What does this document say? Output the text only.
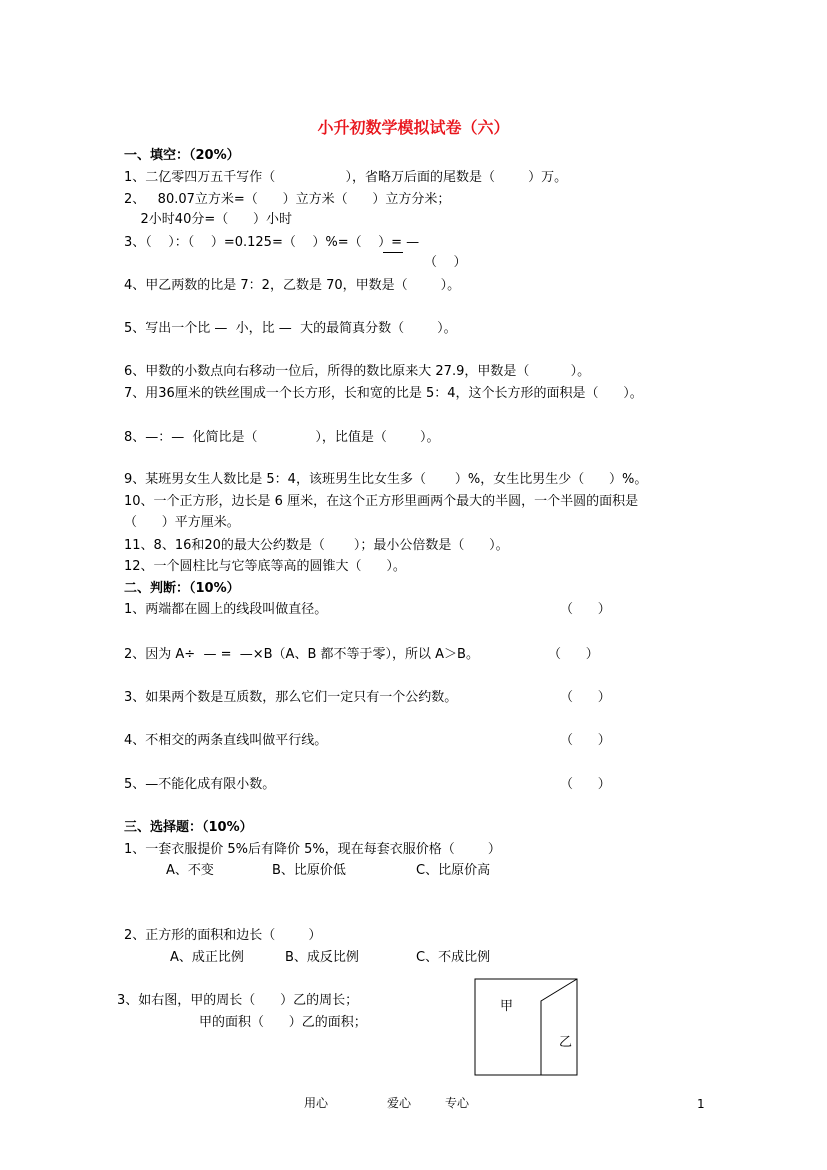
小升初数学模拟试卷（六）
一、填空：（20%）
1、二亿零四万五千写作（                 ），省略万后面的尾数是（        ）万。
2、   80.07立方米=（      ）立方米（      ）立方分米；
2小时40分=（      ）小时
3、（    ）：（    ）=0.125=（    ）%=（    ）= —
（    ）
4、甲乙两数的比是 7：2，乙数是 70，甲数是（        ）。
5、写出一个比 —  小，比 —  大的最简真分数（        ）。
6、甲数的小数点向右移动一位后，所得的数比原来大 27.9，甲数是（          ）。
7、用36厘米的铁丝围成一个长方形，长和宽的比是 5：4，这个长方形的面积是（      ）。
8、—：—  化简比是（              ），比值是（        ）。
9、某班男女生人数比是 5：4，该班男生比女生多（       ）%，女生比男生少（      ）%。
10、一个正方形，边长是 6 厘米，在这个正方形里画两个最大的半圆，一个半圆的面积是
（      ）平方厘米。
11、8、16和20的最大公约数是（       ）；最小公倍数是（      ）。
12、一个圆柱比与它等底等高的圆锥大（      ）。
二、判断：（10%）
1、两端都在圆上的线段叫做直径。	（      ）
2、因为 A÷  — =  —×B（A、B 都不等于零），所以 A＞B。	（      ）
3、如果两个数是互质数，那么它们一定只有一个公约数。	（      ）
4、不相交的两条直线叫做平行线。	（      ）
5、—不能化成有限小数。	（      ）
三、选择题：（10%）
1、一套衣服提价 5%后有降价 5%，现在每套衣服价格（        ）
A、不变	B、比原价低	C、比原价高
2、正方形的面积和边长（        ）
A、成正比例	B、成反比例	C、不成比例
3、如右图，甲的周长（      ）乙的周长；
甲的面积（      ）乙的面积；
甲
乙
用心	爱心	专心	1
